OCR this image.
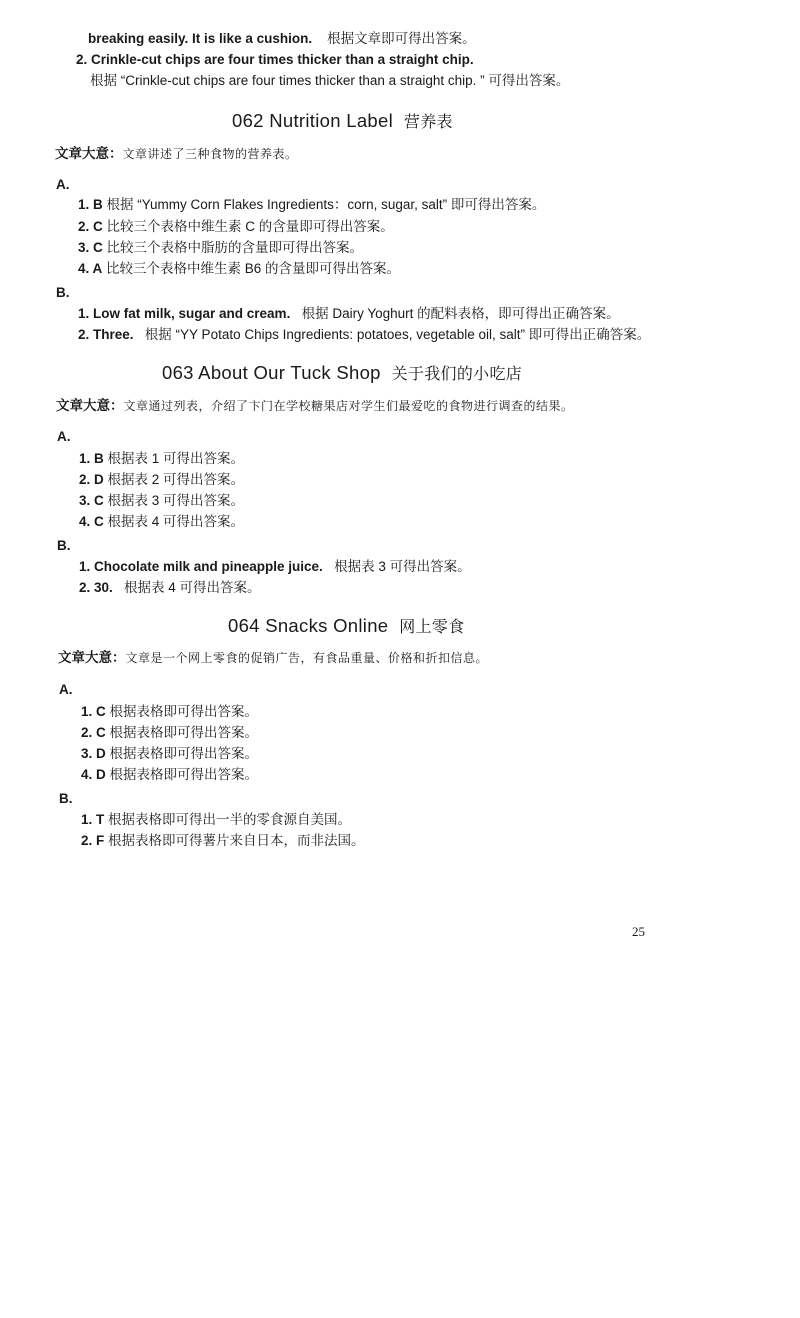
breaking easily. It is like a cushion. 根据文章即可得出答案。
2. Crinkle-cut chips are four times thicker than a straight chip.
根据 “Crinkle-cut chips are four times thicker than a straight chip. ” 可得出答案。
062 Nutrition Label 营养表
文章大意：文章讲述了三种食物的营养表。
A.
1. B 根据 “Yummy Corn Flakes Ingredients：corn, sugar, salt” 即可得出答案。
2. C 比较三个表格中维生素 C 的含量即可得出答案。
3. C 比较三个表格中脂肪的含量即可得出答案。
4. A 比较三个表格中维生素 B6 的含量即可得出答案。
B.
1. Low fat milk, sugar and cream. 根据 Dairy Yoghurt 的配料表格，即可得出正确答案。
2. Three. 根据 “YY Potato Chips Ingredients: potatoes, vegetable oil, salt” 即可得出正确答案。
063 About Our Tuck Shop 关于我们的小吃店
文章大意：文章通过列表，介绍了卞门在学校糖果店对学生们最爱吃的食物进行调查的结果。
A.
1. B 根据表 1 可得出答案。
2. D 根据表 2 可得出答案。
3. C 根据表 3 可得出答案。
4. C 根据表 4 可得出答案。
B.
1. Chocolate milk and pineapple juice. 根据表 3 可得出答案。
2. 30. 根据表 4 可得出答案。
064 Snacks Online 网上零食
文章大意：文章是一个网上零食的促销广告，有食品重量、价格和折扣信息。
A.
1. C 根据表格即可得出答案。
2. C 根据表格即可得出答案。
3. D 根据表格即可得出答案。
4. D 根据表格即可得出答案。
B.
1. T 根据表格即可得出一半的零食源自美国。
2. F 根据表格即可得薯片来自日本，而非法国。
25
